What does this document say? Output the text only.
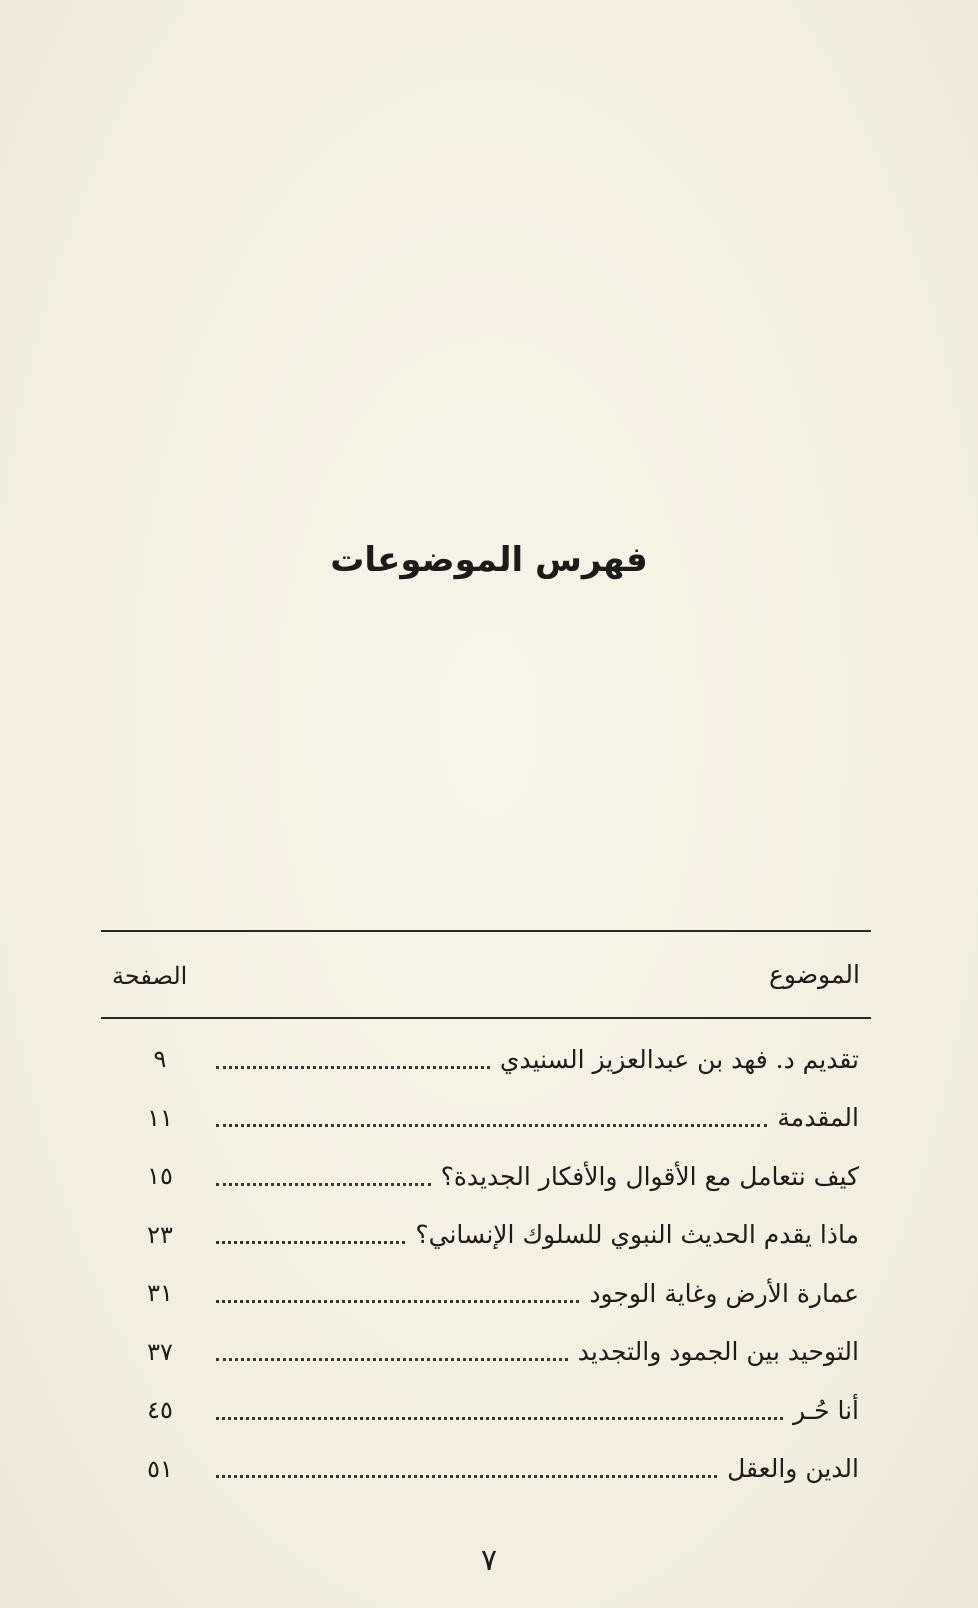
فهرس الموضوعات
الموضوع
الصفحة
تقديم د. فهد بن عبدالعزيز السنيدي
٩
المقدمة
١١
كيف نتعامل مع الأقوال والأفكار الجديدة؟
١٥
ماذا يقدم الحديث النبوي للسلوك الإنساني؟
٢٣
عمارة الأرض وغاية الوجود
٣١
التوحيد بين الجمود والتجديد
٣٧
أنا حُـر
٤٥
الدين والعقل
٥١
٧
